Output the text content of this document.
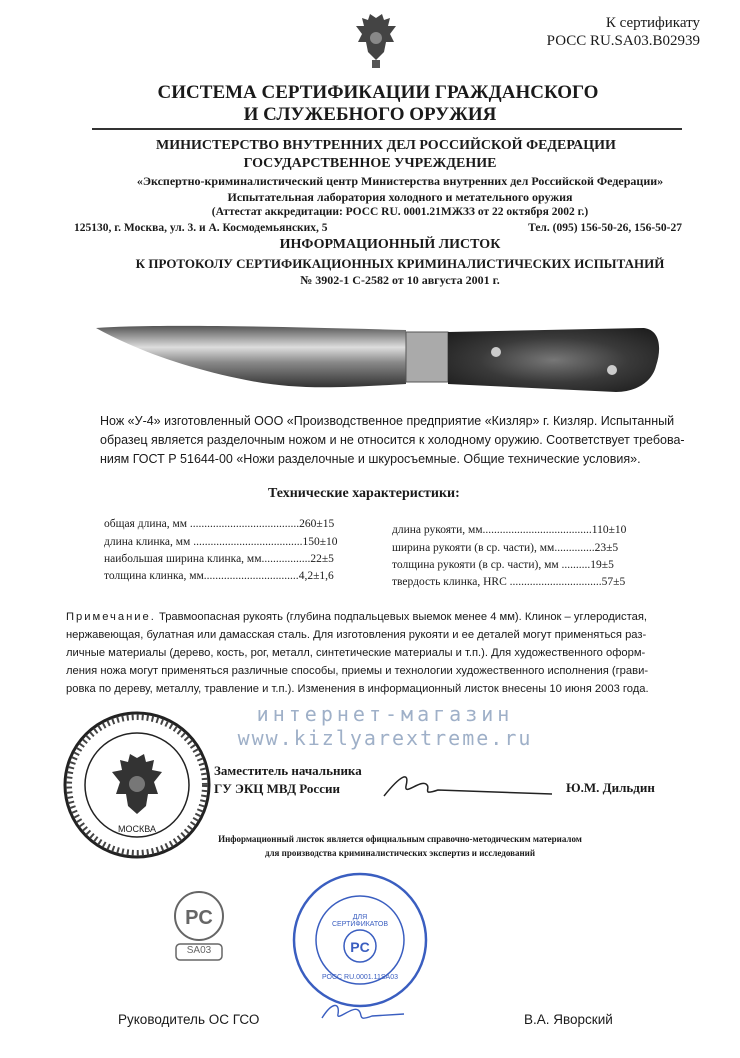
К сертификату
РОСС RU.SA03.B02939
СИСТЕМА СЕРТИФИКАЦИИ ГРАЖДАНСКОГО
И СЛУЖЕБНОГО ОРУЖИЯ
МИНИСТЕРСТВО ВНУТРЕННИХ ДЕЛ РОССИЙСКОЙ ФЕДЕРАЦИИ
ГОСУДАРСТВЕННОЕ УЧРЕЖДЕНИЕ
«Экспертно-криминалистический центр Министерства внутренних дел Российской Федерации»
Испытательная лаборатория холодного и метательного оружия
(Аттестат аккредитации: РОСС RU. 0001.21МЖЗЗ от 22 октября 2002 г.)
125130, г. Москва, ул. 3. и А. Космодемьянских, 5	Тел. (095) 156-50-26, 156-50-27
ИНФОРМАЦИОННЫЙ ЛИСТОК
К ПРОТОКОЛУ СЕРТИФИКАЦИОННЫХ КРИМИНАЛИСТИЧЕСКИХ ИСПЫТАНИЙ
№ 3902-1 С-2582 от 10 августа 2001 г.
Нож «У-4» изготовленный ООО «Производственное предприятие «Кизляр» г. Кизляр. Испытанный
образец является разделочным ножом и не относится к холодному оружию. Соответствует требова-
ниям ГОСТ Р 51644-00 «Ножи разделочные и шкуросъемные. Общие технические условия».
Технические характеристики:
общая длина, мм ......................................260±15
длина клинка, мм ......................................150±10
наибольшая ширина клинка, мм.................22±5
толщина клинка, мм.................................4,2±1,6
длина рукояти, мм......................................110±10
ширина рукояти (в ср. части), мм..............23±5
толщина рукояти (в ср. части), мм ..........19±5
твердость клинка, HRC ................................57±5
Примечание. Травмоопасная рукоять (глубина подпальцевых выемок менее 4 мм). Клинок – углеродистая,
нержавеющая, булатная или дамасская сталь. Для изготовления рукояти и ее деталей могут применяться раз-
личные материалы (дерево, кость, рог, металл, синтетические материалы и т.п.). Для художественного оформ-
ления ножа могут применяться различные способы, приемы и технологии художественного исполнения (грави-
ровка по дереву, металлу, травление и т.п.). Изменения в информационный листок внесены 10 июня 2003 года.
интернет-магазин
www.kizlyarextreme.ru
МОСКВА
Заместитель начальника
ГУ ЭКЦ МВД России	Ю.М. Дильдин
Информационный листок является официальным справочно-методическим материалом
для производства криминалистических экспертиз и исследований
PC
SA03	PC
ДЛЯ СЕРТИФИКАТОВ
РОСС RU.0001.11SA03
Руководитель ОС ГСО	В.А. Яворский
